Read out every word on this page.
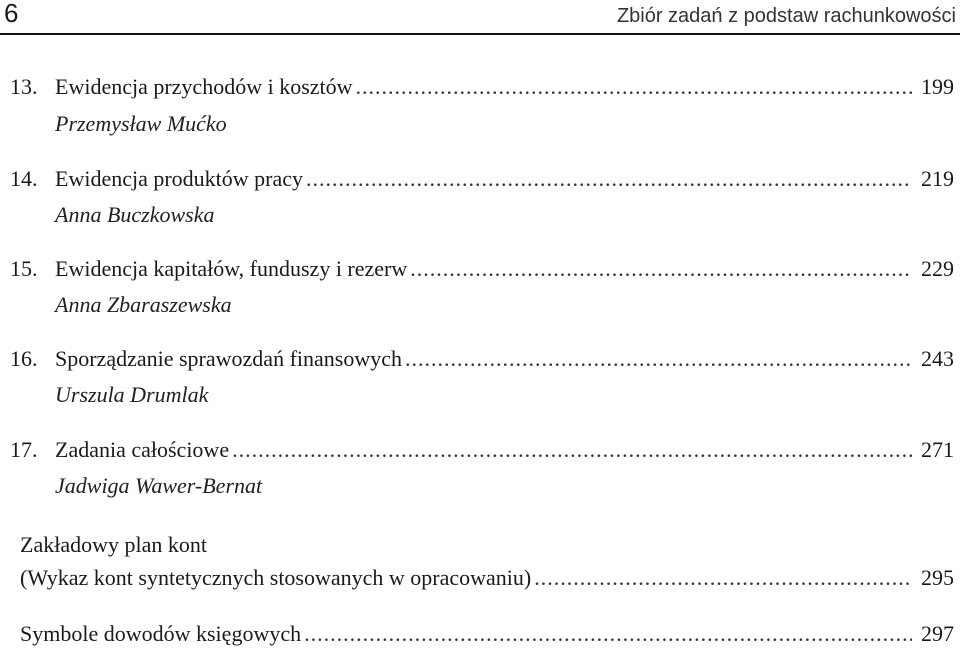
6	Zbiór zadań z podstaw rachunkowości
13. Ewidencja przychodów i kosztów .....	199
Przemysław Mućko
14. Ewidencja produktów pracy .....	219
Anna Buczkowska
15. Ewidencja kapitałów, funduszy i rezerw .....	229
Anna Zbaraszewska
16. Sporządzanie sprawozdań finansowych .....	243
Urszula Drumlak
17. Zadania całościowe .....	271
Jadwiga Wawer-Bernat
Zakładowy plan kont
(Wykaz kont syntetycznych stosowanych w opracowaniu) .....	295
Symbole dowodów księgowych .....	297
